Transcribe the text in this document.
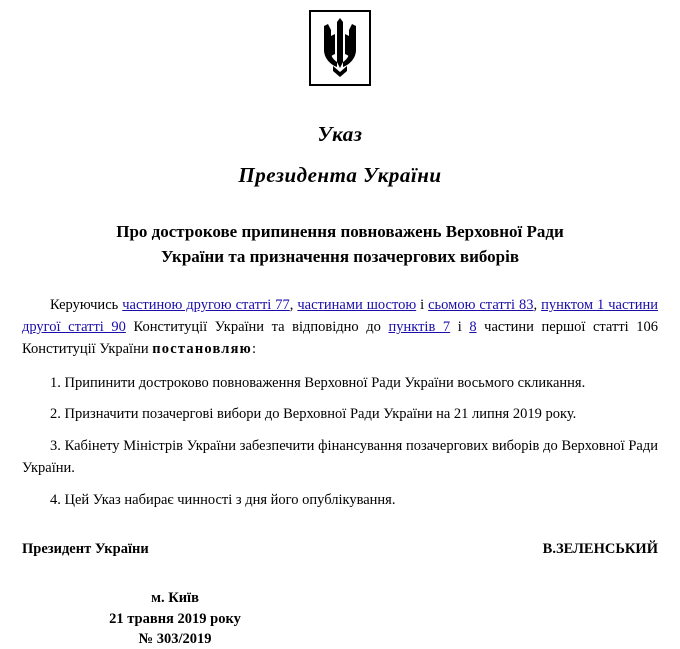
Указ
Президента України
Про дострокове припинення повноважень Верховної Ради
України та призначення позачергових виборів

Керуючись частиною другою статті 77, частинами шостою і сьомою статті 83, пунктом 1 частини другої статті 90 Конституції України та відповідно до пунктів 7 і 8 частини першої статті 106 Конституції України постановляю:

1. Припинити достроково повноваження Верховної Ради України восьмого скликання.

2. Призначити позачергові вибори до Верховної Ради України на 21 липня 2019 року.

3. Кабінету Міністрів України забезпечити фінансування позачергових виборів до Верховної Ради України.

4. Цей Указ набирає чинності з дня його опублікування.

Президент України	В.ЗЕЛЕНСЬКИЙ
м. Київ
21 травня 2019 року
№ 303/2019
